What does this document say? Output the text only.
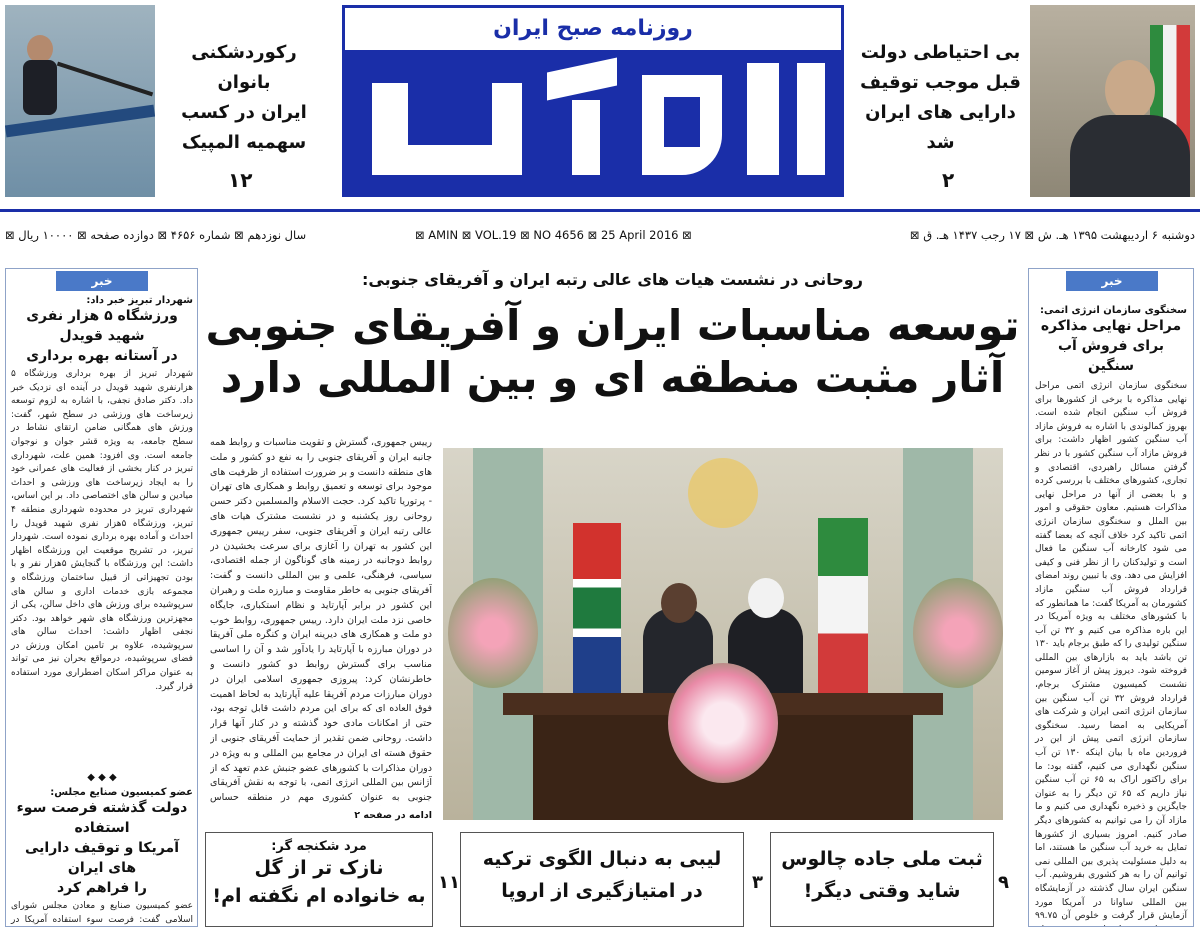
روزنامه صبح ایران
بی احتیاطی دولت
قبل موجب توقیف
دارایی های ایران شد
۲
رکوردشکنی بانوان
ایران در کسب
سهمیه المپیک
۱۲
دوشنبه ۶ اردیبهشت ۱۳۹۵ هـ. ش ⊠ ۱۷ رجب ۱۴۳۷ هـ. ق ⊠
⊠ AMIN ⊠ VOL.19 ⊠ NO 4656 ⊠ 25 April 2016 ⊠
سال نوزدهم ⊠ شماره ۴۶۵۶ ⊠ دوازده صفحه ⊠ ۱۰۰۰۰ ریال ⊠
خبر
سخنگوی سازمان انرژی اتمی:
مراحل نهایی مذاکره
برای فروش آب سنگین
سخنگوی سازمان انرژی اتمی مراحل نهایی مذاکره با برخی از کشورها برای فروش آب سنگین انجام شده است. بهروز کمالوندی با اشاره به فروش مازاد آب سنگین کشور اظهار داشت: برای فروش مازاد آب سنگین کشور با در نظر گرفتن مسائل راهبردی، اقتصادی و تجاری، کشورهای مختلف با بررسی کرده و با بعضی از آنها در مراحل نهایی مذاکرات هستیم. معاون حقوقی و امور بین الملل و سخنگوی سازمان انرژی اتمی تاکید کرد خلاف آنچه که بعضا گفته می شود کارخانه آب سنگین ما فعال است و تولیدکنان را از نظر فنی و کیفی افزایش می دهد. وی با تبیین روند امضای قرارداد فروش آب سنگین مازاد کشورمان به آمریکا گفت: ما همانطور که با کشورهای مختلف به ویژه آمریکا در این باره مذاکره می کنیم و ۳۲ تن آب سنگین تولیدی را که طبق برجام باید ۱۳۰ تن باشد باید به بازارهای بین المللی فروخته شود. دیروز پیش از آغاز سومین نشست کمیسیون مشترک برجام، قرارداد فروش ۳۲ تن آب سنگین بین سازمان انرژی اتمی ایران و شرکت های آمریکایی به امضا رسید. سخنگوی سازمان انرژی اتمی پیش از این در فروردین ماه با بیان اینکه ۱۳۰ تن آب سنگین نگهداری می کنیم، گفته بود: ما برای راکتور اراک به ۶۵ تن آب سنگین نیاز داریم که ۶۵ تن دیگر را به عنوان جایگزین و ذخیره نگهداری می کنیم و ما مازاد آن را می توانیم به کشورهای دیگر صادر کنیم. امروز بسیاری از کشورها تمایل به خرید آب سنگین ما هستند، اما به دلیل مسئولیت پذیری بین المللی نمی توانیم آن را به هر کشوری بفروشیم. آب سنگین ایران سال گذشته در آزمایشگاه بین المللی ساوانا در آمریکا مورد آزمایش قرار گرفت و خلوص آن ۹۹.۷۵
خبر
شهردار تبریز خبر داد:
ورزشگاه ۵ هزار نفری شهید قویدل
در آستانه بهره برداری
شهردار تبریز از بهره برداری ورزشگاه ۵ هزارنفری شهید قویدل در آینده ای نزدیک خبر داد. دکتر صادق نجفی، با اشاره به لزوم توسعه زیرساخت های ورزشی در سطح شهر، گفت: ورزش های همگانی ضامن ارتقای نشاط در سطح جامعه، به ویژه قشر جوان و نوجوان جامعه است. وی افزود: همین علت، شهرداری تبریز در کنار بخشی از فعالیت های عمرانی خود را به ایجاد زیرساخت های ورزشی و احداث میادین و سالن های اختصاصی داد. بر این اساس، شهرداری تبریز در محدوده شهرداری منطقه ۴ تبریز، ورزشگاه ۵هزار نفری شهید قویدل را احداث و آماده بهره برداری نموده است. شهردار تبریز، در تشریح موقعیت این ورزشگاه اظهار داشت: این ورزشگاه با گنجایش ۵هزار نفر و با بودن تجهیزاتی از قبیل ساختمان ورزشگاه و مجموعه بازی خدمات اداری و سالن های سرپوشیده برای ورزش های داخل سالن، یکی از مجهزترین ورزشگاه های شهر خواهد بود. دکتر نجفی اظهار داشت: احداث سالن های سرپوشیده، علاوه بر تامین امکان ورزش در فضای سرپوشیده، درمواقع بحران نیز می تواند به عنوان مراکز اسکان اضطراری مورد استفاده قرار گیرد.
◆ ◆ ◆
عضو کمیسیون صنایع مجلس:
دولت گذشته فرصت سوء استفاده
آمریکا و توقیف دارایی های ایران
را فراهم کرد
عضو کمیسیون صنایع و معادن مجلس شورای اسلامی گفت: فرصت سوء استفاده آمریکا در
روحانی در نشست هیات های عالی رتبه ایران و آفریقای جنوبی:
توسعه مناسبات ایران و آفریقای جنوبی
آثار مثبت منطقه ای و بین المللی دارد
رییس جمهوری، گسترش و تقویت مناسبات و روابط همه جانبه ایران و آفریقای جنوبی را به نفع دو کشور و ملت های منطقه دانست و بر ضرورت استفاده از ظرفیت های موجود برای توسعه و تعمیق روابط و همکاری های تهران - پرتوریا تاکید کرد. حجت الاسلام والمسلمین دکتر حسن روحانی روز یکشنبه و در نشست مشترک هیات های عالی رتبه ایران و آفریقای جنوبی، سفر رییس جمهوری این کشور به تهران را آغازی برای سرعت بخشیدن در روابط دوجانبه در زمینه های گوناگون از جمله اقتصادی، سیاسی، فرهنگی، علمی و بین المللی دانست و گفت: آفریقای جنوبی به خاطر مقاومت و مبارزه ملت و رهبران این کشور در برابر آپارتاید و نظام استکباری، جایگاه خاصی نزد ملت ایران دارد. رییس جمهوری، روابط خوب دو ملت و همکاری های دیرینه ایران و کنگره ملی آفریقا در دوران مبارزه با آپارتاید را یادآور شد و آن را اساسی مناسب برای گسترش روابط دو کشور دانست و خاطرنشان کرد: پیروزی جمهوری اسلامی ایران در دوران مبارزات مردم آفریقا علیه آپارتاید به لحاظ اهمیت فوق العاده ای که برای این مردم داشت قابل توجه بود، حتی از امکانات مادی خود گذشته و در کنار آنها قرار داشت. روحانی ضمن تقدیر از حمایت آفریقای جنوبی از حقوق هسته ای ایران در مجامع بین المللی و به ویژه در دوران مذاکرات با کشورهای عضو جنبش عدم تعهد که از آژانس بین المللی انرژی اتمی، با توجه به نقش آفریقای جنوبی به عنوان کشوری مهم در منطقه حساس
ادامه در صفحه ۲
ثبت ملی جاده چالوس
شاید وقتی دیگر!	۹
لیبی به دنبال الگوی ترکیه
در امتیازگیری از اروپا	۳
مرد شکنجه گر:
نازک تر از گل
به خانواده ام نگفته ام!
۱۱
